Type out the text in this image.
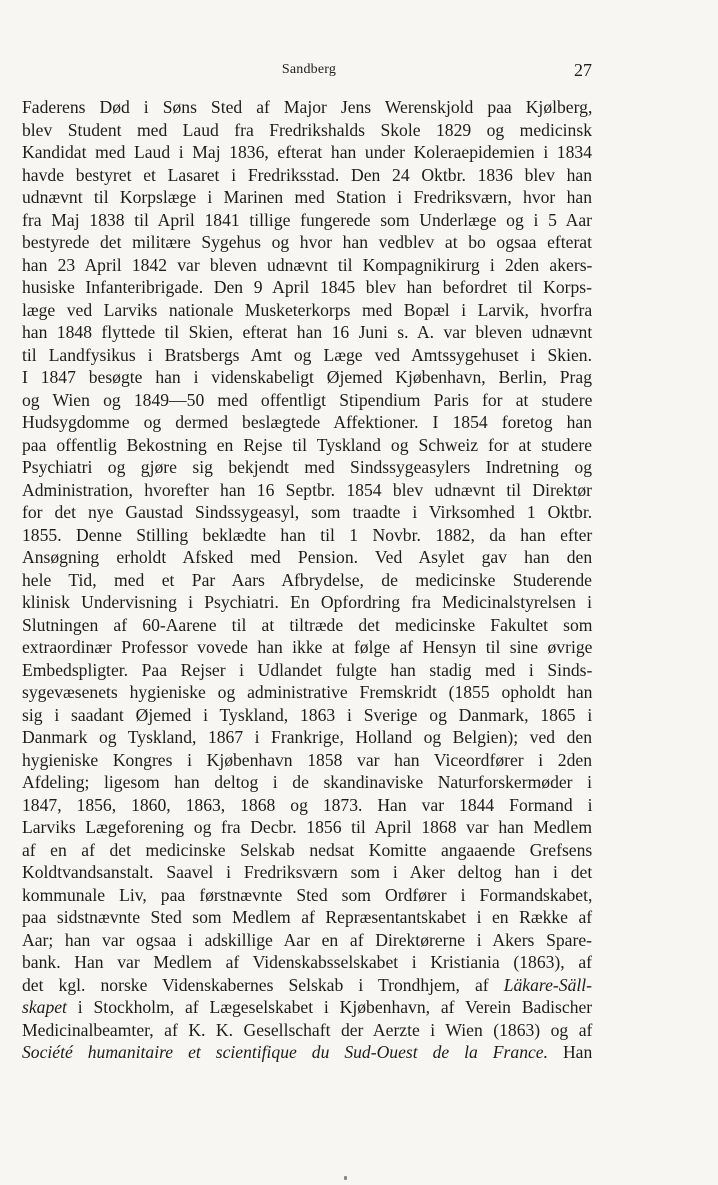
Sandberg	27
Faderens Død i Søns Sted af Major Jens Werenskjold paa Kjølberg,
blev Student med Laud fra Fredrikshalds Skole 1829 og medicinsk
Kandidat med Laud i Maj 1836, efterat han under Koleraepidemien i 1834
havde bestyret et Lasaret i Fredriksstad. Den 24 Oktbr. 1836 blev han
udnævnt til Korpslæge i Marinen med Station i Fredriksværn, hvor han
fra Maj 1838 til April 1841 tillige fungerede som Underlæge og i 5 Aar
bestyrede det militære Sygehus og hvor han vedblev at bo ogsaa efterat
han 23 April 1842 var bleven udnævnt til Kompagnikirurg i 2den akers-
husiske Infanteribrigade. Den 9 April 1845 blev han befordret til Korps-
læge ved Larviks nationale Musketerkorps med Bopæl i Larvik, hvorfra
han 1848 flyttede til Skien, efterat han 16 Juni s. A. var bleven udnævnt
til Landfysikus i Bratsbergs Amt og Læge ved Amtssygehuset i Skien.
I 1847 besøgte han i videnskabeligt Øjemed Kjøbenhavn, Berlin, Prag
og Wien og 1849—50 med offentligt Stipendium Paris for at studere
Hudsygdomme og dermed beslægtede Affektioner. I 1854 foretog han
paa offentlig Bekostning en Rejse til Tyskland og Schweiz for at studere
Psychiatri og gjøre sig bekjendt med Sindssygeasylers Indretning og
Administration, hvorefter han 16 Septbr. 1854 blev udnævnt til Direktør
for det nye Gaustad Sindssygeasyl, som traadte i Virksomhed 1 Oktbr.
1855. Denne Stilling beklædte han til 1 Novbr. 1882, da han efter
Ansøgning erholdt Afsked med Pension. Ved Asylet gav han den
hele Tid, med et Par Aars Afbrydelse, de medicinske Studerende
klinisk Undervisning i Psychiatri. En Opfordring fra Medicinalstyrelsen i
Slutningen af 60-Aarene til at tiltræde det medicinske Fakultet som
extraordinær Professor vovede han ikke at følge af Hensyn til sine øvrige
Embedspligter. Paa Rejser i Udlandet fulgte han stadig med i Sinds-
sygevæsenets hygieniske og administrative Fremskridt (1855 opholdt han
sig i saadant Øjemed i Tyskland, 1863 i Sverige og Danmark, 1865 i
Danmark og Tyskland, 1867 i Frankrige, Holland og Belgien); ved den
hygieniske Kongres i Kjøbenhavn 1858 var han Viceordfører i 2den
Afdeling; ligesom han deltog i de skandinaviske Naturforskermøder i
1847, 1856, 1860, 1863, 1868 og 1873. Han var 1844 Formand i
Larviks Lægeforening og fra Decbr. 1856 til April 1868 var han Medlem
af en af det medicinske Selskab nedsat Komitte angaaende Grefsens
Koldtvandsanstalt. Saavel i Fredriksværn som i Aker deltog han i det
kommunale Liv, paa førstnævnte Sted som Ordfører i Formandskabet,
paa sidstnævnte Sted som Medlem af Repræsentantskabet i en Række af
Aar; han var ogsaa i adskillige Aar en af Direktørerne i Akers Spare-
bank. Han var Medlem af Videnskabsselskabet i Kristiania (1863), af
det kgl. norske Videnskabernes Selskab i Trondhjem, af Läkare-Säll-
skapet i Stockholm, af Lægeselskabet i Kjøbenhavn, af Verein Badischer
Medicinalbeamter, af K. K. Gesellschaft der Aerzte i Wien (1863) og af
Société humanitaire et scientifique du Sud-Ouest de la France. Han
